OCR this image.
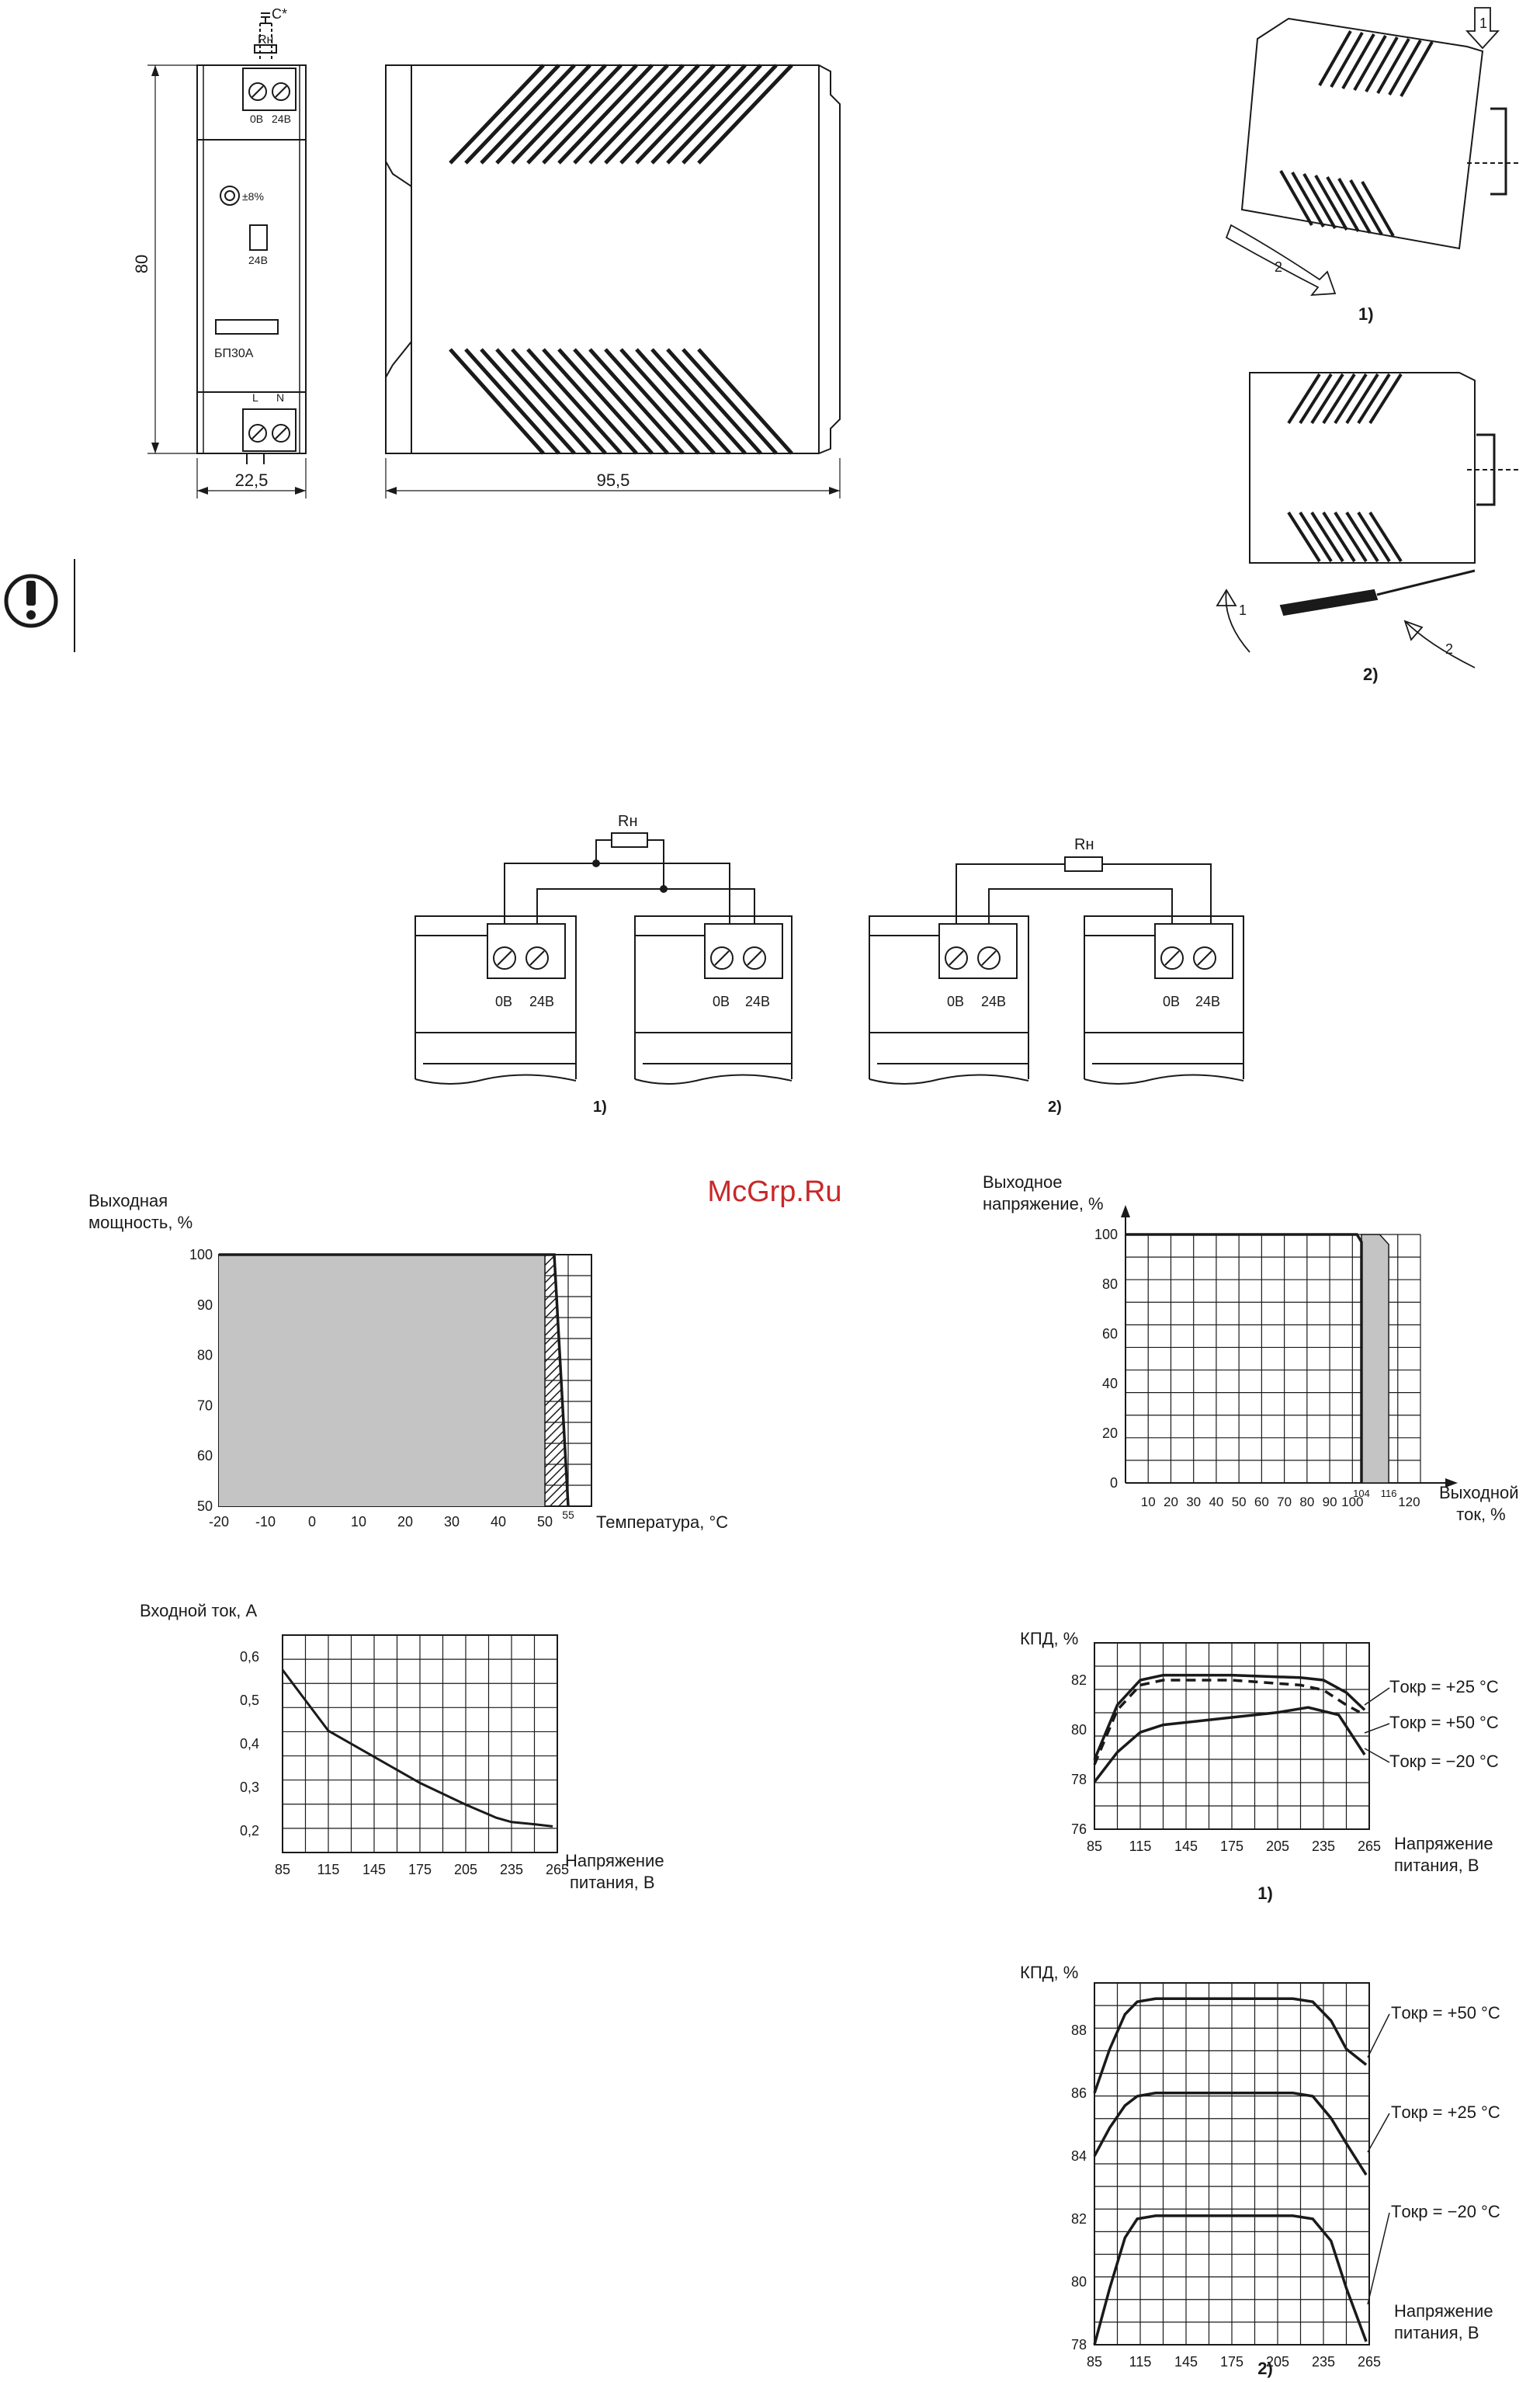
McGrp.Ru
C*
Rн
0В 24В
±8%
24В
БП30А
L N
80
22,5	95,5
1
2
1)
1
2
2)
Rн
0В 24В	0В 24В
1)
Rн
0В 24В	0В 24В
2)
-20 -10 0 10 20 30 40 50 55
50
60
70
80
90
100
Выходная мощность, %
Температура, °С
0
10 20 30 40 50 60 70 80 90 100
104 116
120
20
40
60
80
100
Выходное напряжение, %
Выходной ток, %
85 115 145 175 205 235 265
0,2
0,3
0,4
0,5
0,6
Входной ток, А
Напряжение питания, В
Tокр = +25 °С
Tокр = +50 °С
Tокр = −20 °С
85 115 145 175 205 235 265
76
78
80
82
КПД, %
Напряжение питания, В
1)
Tокр = +50 °С
Tокр = +25 °С
Tокр = −20 °С
85 115 145 175 205 235 265
78
80
82
84
86
88
КПД, %
Напряжение питания, В
2)
